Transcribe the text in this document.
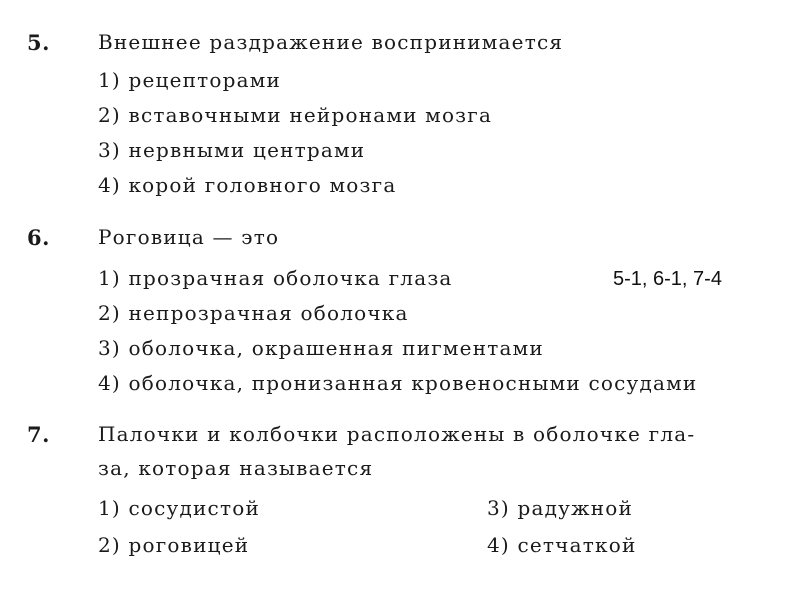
5. Внешнее раздражение воспринимается
1) рецепторами
2) вставочными нейронами мозга
3) нервными центрами
4) корой головного мозга
6. Роговица — это
1) прозрачная оболочка глаза
2) непрозрачная оболочка
3) оболочка, окрашенная пигментами
4) оболочка, пронизанная кровеносными сосудами
7. Палочки и колбочки расположены в оболочке гла-
за, которая называется
1) сосудистой
2) роговицей
3) радужной
4) сетчаткой
5-1, 6-1, 7-4
